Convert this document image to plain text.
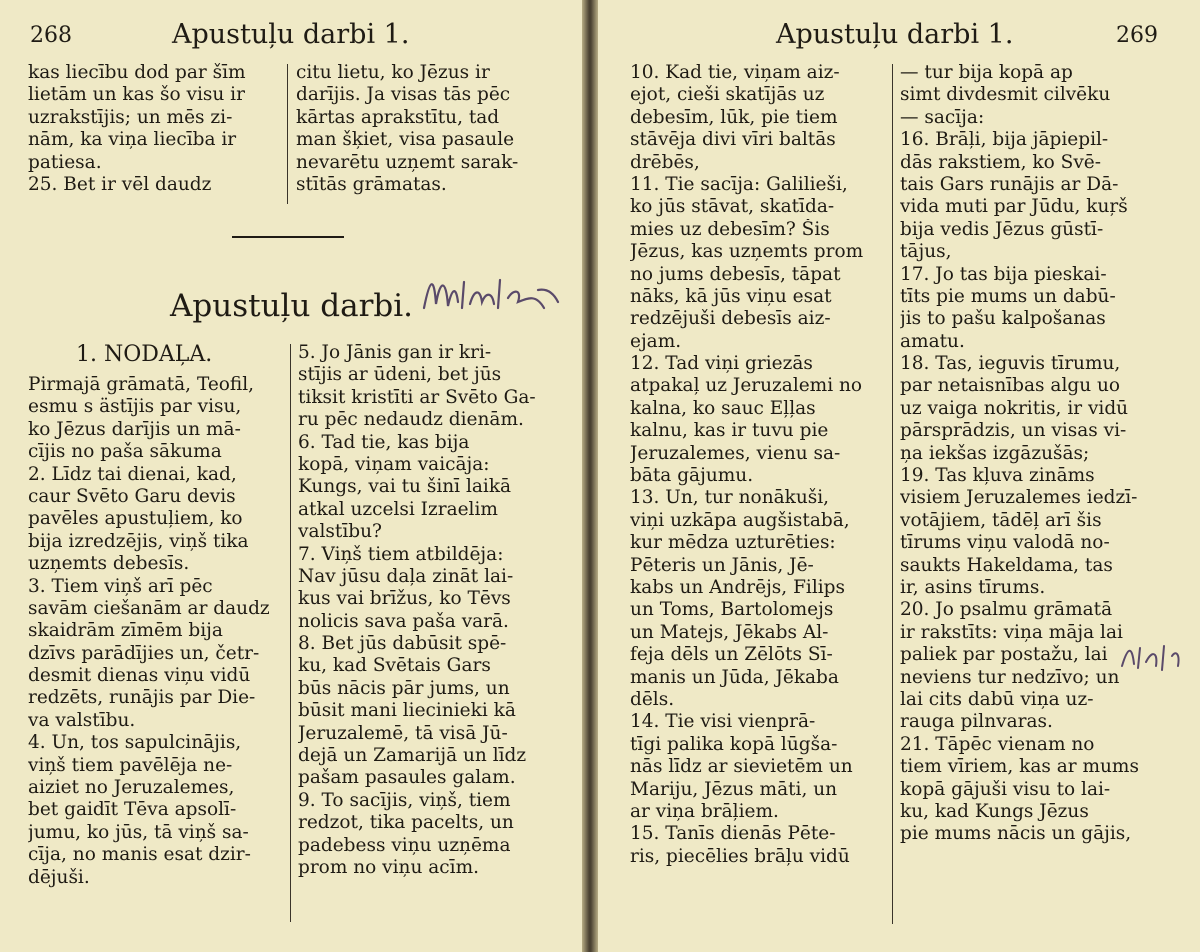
268	Apustuļu darbi 1.
kas liecību dod par šīm
lietām un kas šo visu ir
uzrakstījis; un mēs zi-
nām, ka viņa liecība ir
patiesa.
25. Bet ir vēl daudz
citu lietu, ko Jēzus ir
darījis. Ja visas tās pēc
kārtas aprakstītu, tad
man šķiet, visa pasaule
nevarētu uzņemt sarak-
stītās grāmatas.
Apustuļu darbi.
1. NODAĻA.
Pirmajā grāmatā, Teofil,
esmu s ästījis par visu,
ko Jēzus darījis un mā-
cījis no paša sākuma
2. Līdz tai dienai, kad,
caur Svēto Garu devis
pavēles apustuļiem, ko
bija izredzējis, viņš tika
uzņemts debesīs.
3. Tiem viņš arī pēc
savām ciešanām ar daudz
skaidrām zīmēm bija
dzīvs parādījies un, četr-
desmit dienas viņu vidū
redzēts, runājis par Die-
va valstību.
4. Un, tos sapulcinājis,
viņš tiem pavēlēja ne-
aiziet no Jeruzalemes,
bet gaidīt Tēva apsolī-
jumu, ko jūs, tā viņš sa-
cīja, no manis esat dzir-
dējuši.
5. Jo Jānis gan ir kri-
stījis ar ūdeni, bet jūs
tiksit kristīti ar Svēto Ga-
ru pēc nedaudz dienām.
6. Tad tie, kas bija
kopā, viņam vaicāja:
Kungs, vai tu šinī laikā
atkal uzcelsi Izraelim
valstību?
7. Viņš tiem atbildēja:
Nav jūsu daļa zināt lai-
kus vai brīžus, ko Tēvs
nolicis sava paša varā.
8. Bet jūs dabūsit spē-
ku, kad Svētais Gars
būs nācis pār jums, un
būsit mani liecinieki kā
Jeruzalemē, tā visā Jū-
dejā un Zamarijā un līdz
pašam pasaules galam.
9. To sacījis, viņš, tiem
redzot, tika pacelts, un
padebess viņu uzņēma
prom no viņu acīm.
Apustuļu darbi 1.	269
10. Kad tie, viņam aiz-
ejot, cieši skatījās uz
debesīm, lūk, pie tiem
stāvēja divi vīri baltās
drēbēs,
11. Tie sacīja: Galilieši,
ko jūs stāvat, skatīda-
mies uz debesīm? Šis
Jēzus, kas uzņemts prom
no jums debesīs, tāpat
nāks, kā jūs viņu esat
redzējuši debesīs aiz-
ejam.
12. Tad viņi griezās
atpakaļ uz Jeruzalemi no
kalna, ko sauc Eļļas
kalnu, kas ir tuvu pie
Jeruzalemes, vienu sa-
bāta gājumu.
13. Un, tur nonākuši,
viņi uzkāpa augšistabā,
kur mēdza uzturēties:
Pēteris un Jānis, Jē-
kabs un Andrējs, Filips
un Toms, Bartolomejs
un Matejs, Jēkabs Al-
feja dēls un Zēlōts Sī-
manis un Jūda, Jēkaba
dēls.
14. Tie visi vienprā-
tīgi palika kopā lūgša-
nās līdz ar sievietēm un
Mariju, Jēzus māti, un
ar viņa brāļiem.
15. Tanīs dienās Pēte-
ris, piecēlies brāļu vidū
— tur bija kopā ap
simt divdesmit cilvēku
— sacīja:
16. Brāļi, bija jāpiepil-
dās rakstiem, ko Svē-
tais Gars runājis ar Dā-
vida muti par Jūdu, kuŗš
bija vedis Jēzus gūstī-
tājus,
17. Jo tas bija pieskai-
tīts pie mums un dabū-
jis to pašu kalpošanas
amatu.
18. Tas, ieguvis tīrumu,
par netaisnības algu uo
uz vaiga nokritis, ir vidū
pārsprādzis, un visas vi-
ņa iekšas izgāzušās;
19. Tas kļuva zināms
visiem Jeruzalemes iedzī-
votājiem, tādēļ arī šis
tīrums viņu valodā no-
saukts Hakeldama, tas
ir, asins tīrums.
20. Jo psalmu grāmatā
ir rakstīts: viņa māja lai
paliek par postažu, lai
neviens tur nedzīvo; un
lai cits dabū viņa uz-
rauga pilnvaras.
21. Tāpēc vienam no
tiem vīriem, kas ar mums
kopā gājuši visu to lai-
ku, kad Kungs Jēzus
pie mums nācis un gājis,
